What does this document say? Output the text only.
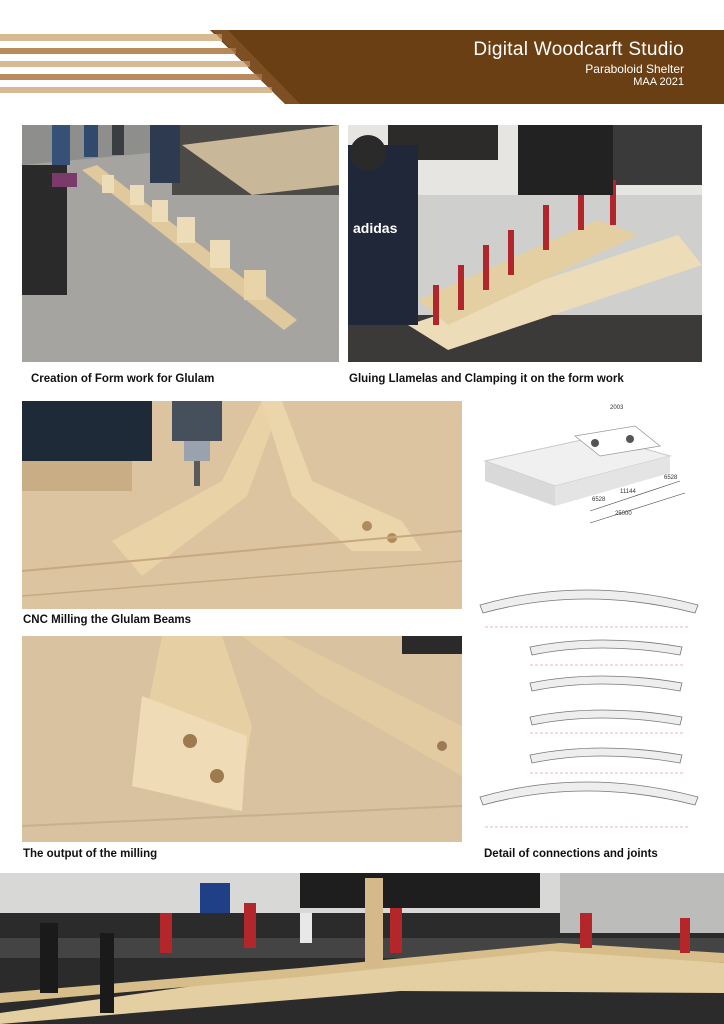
Digital Woodcarft Studio
Paraboloid Shelter
MAA 2021
adidas
Creation of Form work for Glulam	Gluing Llamelas and Clamping it on the form work
2003
6528
11144
6528
25000
CNC Milling the Glulam Beams
The output of the milling	Detail of connections and joints
